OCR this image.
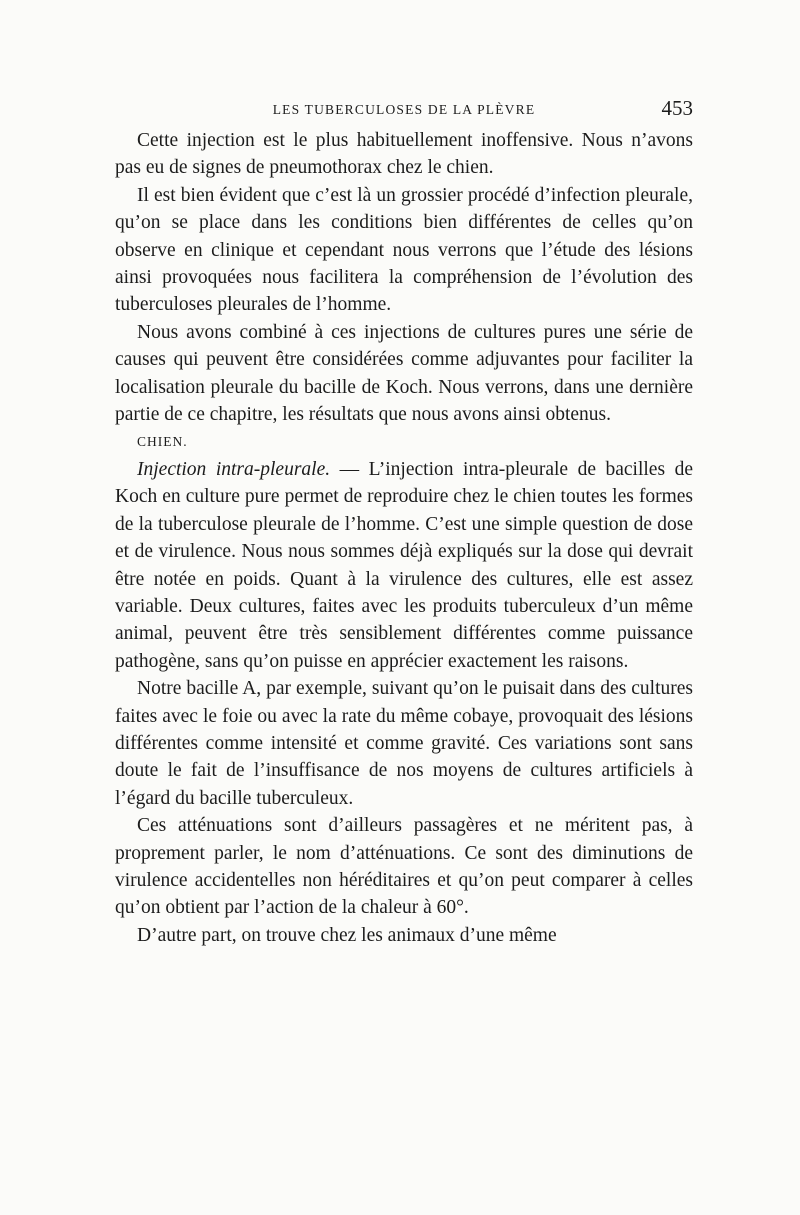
LES TUBERCULOSES DE LA PLÈVRE	453

Cette injection est le plus habituellement inoffensive. Nous n’avons pas eu de signes de pneumothorax chez le chien.

Il est bien évident que c’est là un grossier procédé d’infection pleurale, qu’on se place dans les conditions bien différentes de celles qu’on observe en clinique et cependant nous verrons que l’étude des lésions ainsi provoquées nous facilitera la compréhension de l’évolution des tuberculoses pleurales de l’homme.

Nous avons combiné à ces injections de cultures pures une série de causes qui peuvent être considérées comme adjuvantes pour faciliter la localisation pleurale du bacille de Koch. Nous verrons, dans une dernière partie de ce chapitre, les résultats que nous avons ainsi obtenus.

CHIEN.

Injection intra-pleurale. — L’injection intra-pleurale de bacilles de Koch en culture pure permet de reproduire chez le chien toutes les formes de la tuberculose pleurale de l’homme. C’est une simple question de dose et de virulence. Nous nous sommes déjà expliqués sur la dose qui devrait être notée en poids. Quant à la virulence des cultures, elle est assez variable. Deux cultures, faites avec les produits tuberculeux d’un même animal, peuvent être très sensiblement différentes comme puissance pathogène, sans qu’on puisse en apprécier exactement les raisons.

Notre bacille A, par exemple, suivant qu’on le puisait dans des cultures faites avec le foie ou avec la rate du même cobaye, provoquait des lésions différentes comme intensité et comme gravité. Ces variations sont sans doute le fait de l’insuffisance de nos moyens de cultures artificiels à l’égard du bacille tuberculeux.

Ces atténuations sont d’ailleurs passagères et ne méritent pas, à proprement parler, le nom d’atténuations. Ce sont des diminutions de virulence accidentelles non héréditaires et qu’on peut comparer à celles qu’on obtient par l’action de la chaleur à 60°.

D’autre part, on trouve chez les animaux d’une même
